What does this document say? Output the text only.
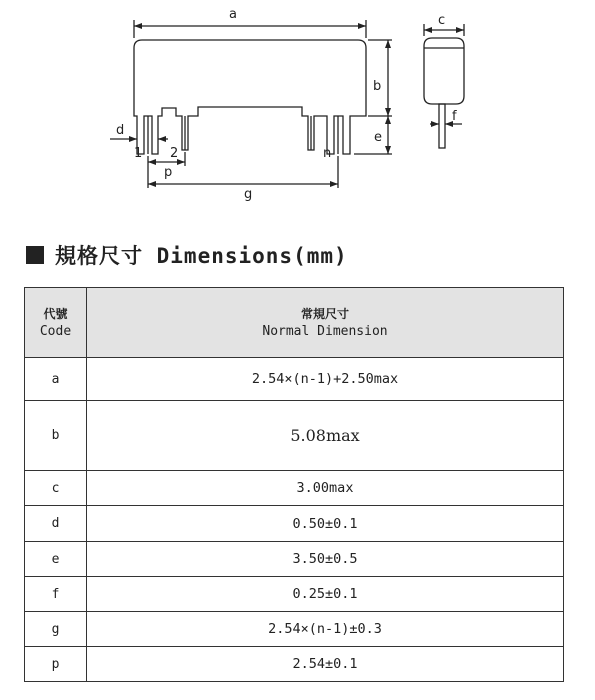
a
b
e
d
1 2	n
p
g
c
f
規格尺寸 Dimensions(mm)
代號
Code	常規尺寸
Normal Dimension

a	2.54×(n-1)+2.50max
b	5.08max
c	3.00max
d	0.50±0.1
e	3.50±0.5
f	0.25±0.1
g	2.54×(n-1)±0.3
p	2.54±0.1
